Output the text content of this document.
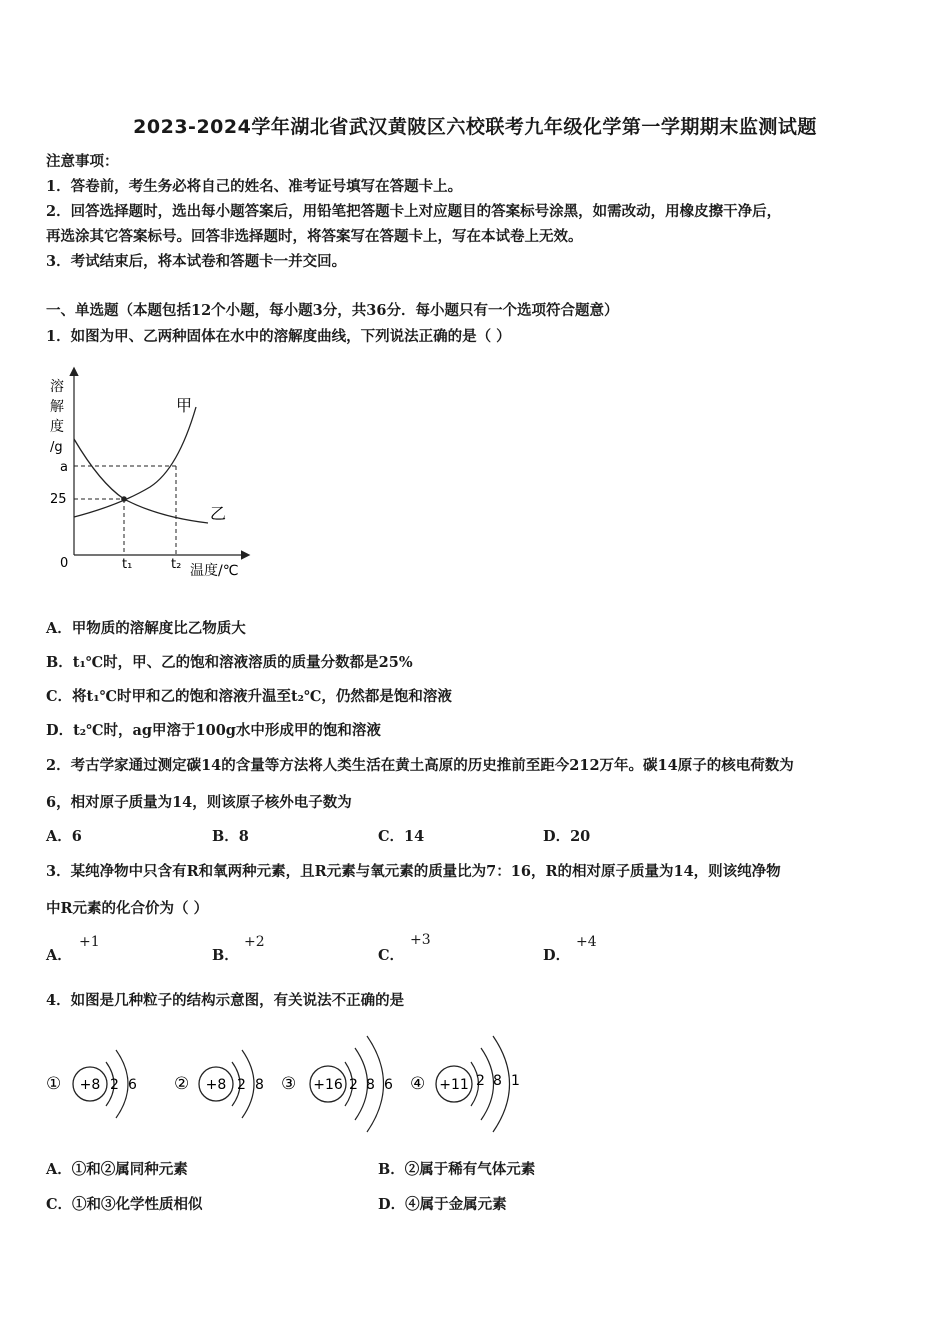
2023-2024学年湖北省武汉黄陂区六校联考九年级化学第一学期期末监测试题
注意事项：
1．答卷前，考生务必将自己的姓名、准考证号填写在答题卡上。
2．回答选择题时，选出每小题答案后，用铅笔把答题卡上对应题目的答案标号涂黑，如需改动，用橡皮擦干净后，
再选涂其它答案标号。回答非选择题时，将答案写在答题卡上，写在本试卷上无效。
3．考试结束后，将本试卷和答题卡一并交回。
一、单选题（本题包括12个小题，每小题3分，共36分．每小题只有一个选项符合题意）
1．如图为甲、乙两种固体在水中的溶解度曲线，下列说法正确的是（ ）
溶
解
度
/g
a
25
0	t₁	t₂ 温度/℃
甲
乙
A．甲物质的溶解度比乙物质大
B．t₁℃时，甲、乙的饱和溶液溶质的质量分数都是25%
C．将t₁℃时甲和乙的饱和溶液升温至t₂℃，仍然都是饱和溶液
D．t₂℃时，ag甲溶于100g水中形成甲的饱和溶液
2．考古学家通过测定碳14的含量等方法将人类生活在黄土高原的历史推前至距今212万年。碳14原子的核电荷数为
6，相对原子质量为14，则该原子核外电子数为
A．6	B．8	C．14	D．20
3．某纯净物中只含有R和氧两种元素，且R元素与氧元素的质量比为7：16，R的相对原子质量为14，则该纯净物
中R元素的化合价为（ ）
A．
+1
B．
+2
C．
+3
D．
+4
4．如图是几种粒子的结构示意图，有关说法不正确的是
① +8 2 6 ② +8 2 8 ③ +16 2 8 6 ④ +11 2 8 1
A．①和②属同种元素	B．②属于稀有气体元素
C．①和③化学性质相似	D．④属于金属元素
